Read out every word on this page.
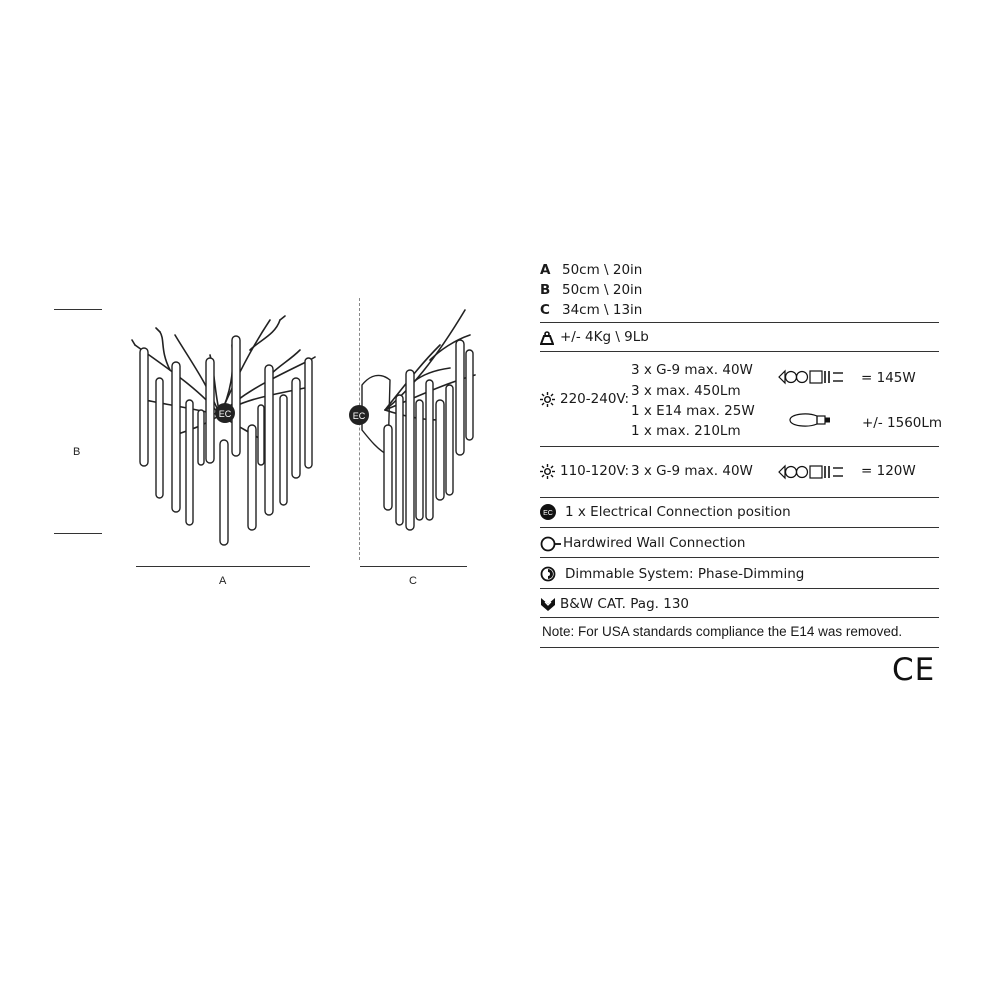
B
A
EC
C
EC
A 50cm \ 20in
B 50cm \ 20in
C 34cm \ 13in
+/- 4Kg \ 9Lb
220-240V:
3 x G-9 max. 40W
3 x max. 450Lm
1 x E14 max. 25W
1 x max. 210Lm
= 145W
+/- 1560Lm
110-120V: 3 x G-9 max. 40W	= 120W
EC 1 x Electrical Connection position
Hardwired Wall Connection
Dimmable System: Phase-Dimming
B&W CAT. Pag. 130
Note: For USA standards compliance the E14 was removed.
CE
